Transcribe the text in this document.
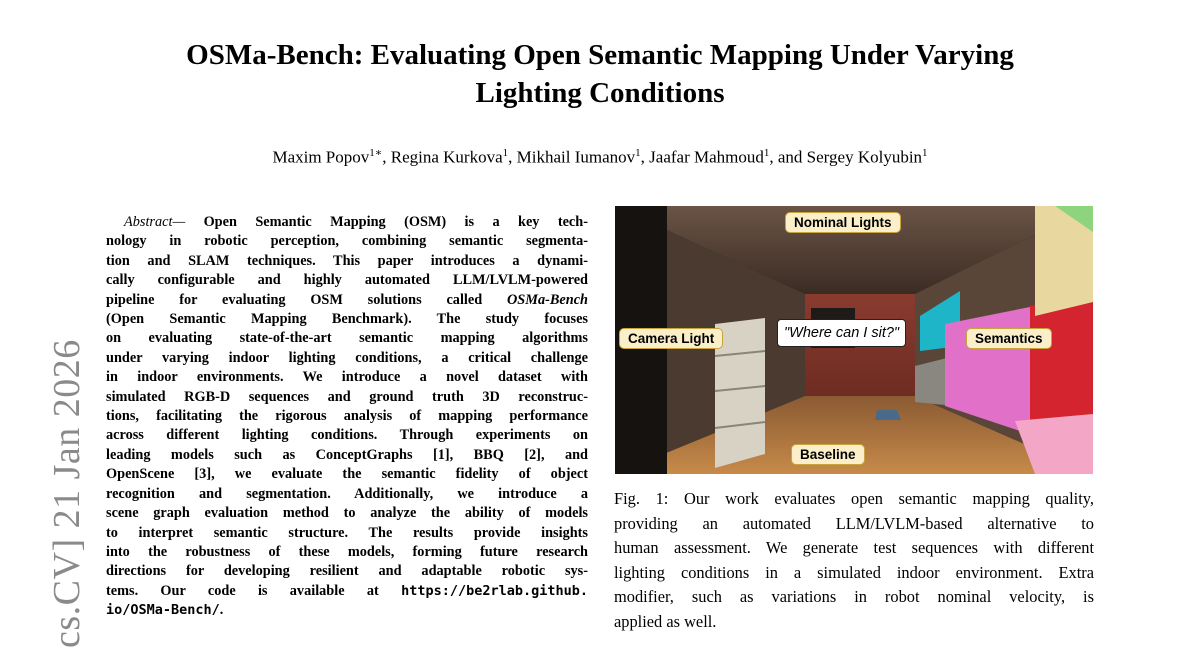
OSMa-Bench: Evaluating Open Semantic Mapping Under Varying
Lighting Conditions
Maxim Popov$^{1∗}$, Regina Kurkova$^1$, Mikhail Iumanov$^1$, Jaafar Mahmoud$^1$, and Sergey Kolyubin$^1$
cs.CV] 21 Jan 2026
Abstract— Open Semantic Mapping (OSM) is a key tech-
nology in robotic perception, combining semantic segmenta-
tion and SLAM techniques. This paper introduces a dynami-
cally configurable and highly automated LLM/LVLM-powered
pipeline for evaluating OSM solutions called OSMa-Bench
(Open Semantic Mapping Benchmark). The study focuses
on evaluating state-of-the-art semantic mapping algorithms
under varying indoor lighting conditions, a critical challenge
in indoor environments. We introduce a novel dataset with
simulated RGB-D sequences and ground truth 3D reconstruc-
tions, facilitating the rigorous analysis of mapping performance
across different lighting conditions. Through experiments on
leading models such as ConceptGraphs [1], BBQ [2], and
OpenScene [3], we evaluate the semantic fidelity of object
recognition and segmentation. Additionally, we introduce a
scene graph evaluation method to analyze the ability of models
to interpret semantic structure. The results provide insights
into the robustness of these models, forming future research
directions for developing resilient and adaptable robotic sys-
tems. Our code is available at https://be2rlab.github.
io/OSMa-Bench/.
Nominal Lights
Camera Light	Semantics
Baseline
"Where can I sit?"
Fig. 1: Our work evaluates open semantic mapping quality,
providing an automated LLM/LVLM-based alternative to
human assessment. We generate test sequences with different
lighting conditions in a simulated indoor environment. Extra
modifier, such as variations in robot nominal velocity, is
applied as well.
